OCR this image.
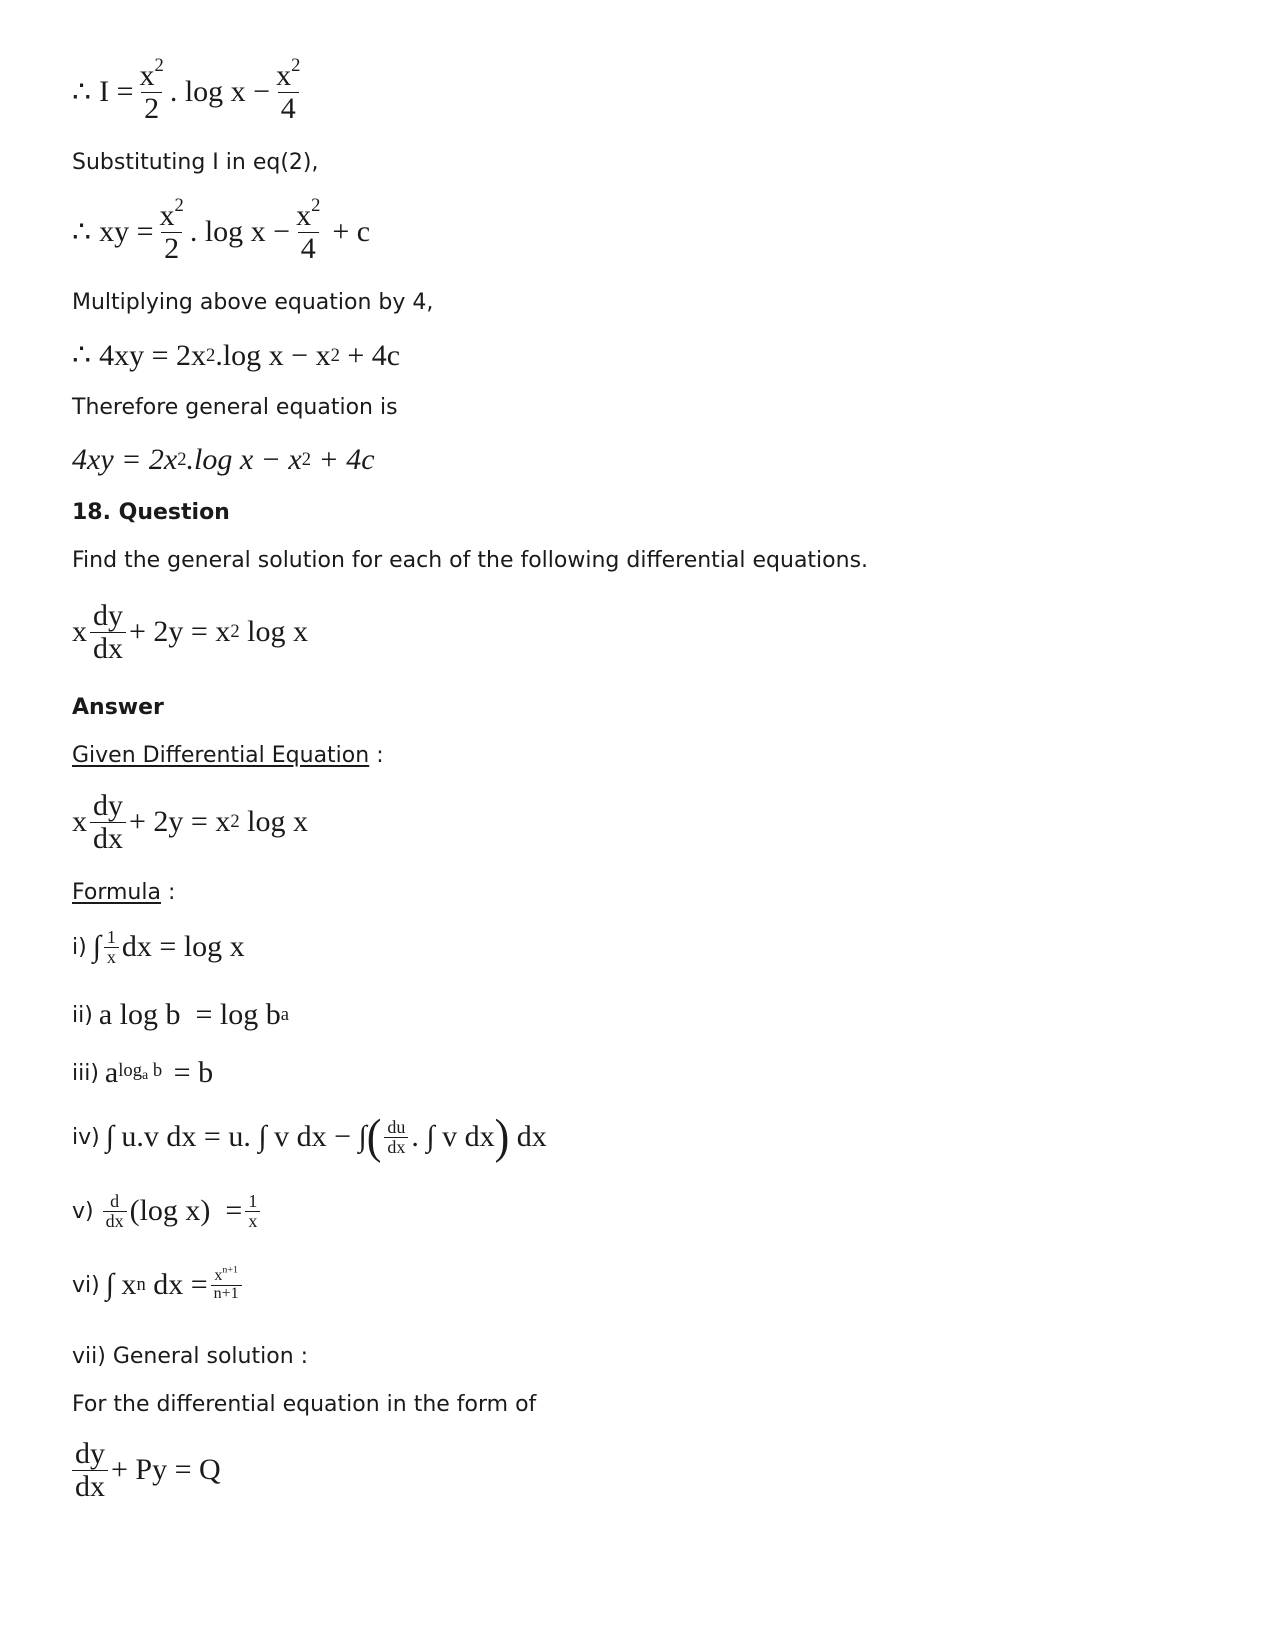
∴ $I = \frac{x^2}{2}$ . $\log x - \frac{x^2}{4}$
Substituting I in eq(2),
∴ xy = $\frac{x^2}{2}$ . $\log x - \frac{x^2}{4} + c$
Multiplying above equation by 4,
∴ 4xy = 2x 2 .log x − x 2 + 4c
Therefore general equation is
4xy = 2x 2 .log x − x 2 + 4c
18. Question
Find the general solution for each of the following differential equations.
x $\frac{dy}{dx} + 2y = x$ 2 log x
Answer
Given Differential Equation :
x $\frac{dy}{dx} + 2y = x$ 2 log x
Formula :
i) ∫ $\frac{1}{x}$ dx = log x
ii) a log b  = log b a
iii) a $\log_a b = b$
iv) ∫ u.v dx = u. ∫ v dx − ∫ ( $\frac{du}{dx}$ . ∫ v dx ) dx
$v) \frac{d}{dx} (\log$ $x) = \frac{1}{x}$
vi) ∫ x n dx = $\frac{x^{n+1}}{n+1}$
vii) General solution :
For the differential equation in the form of
$\frac{dy}{dx} + Py = Q$
